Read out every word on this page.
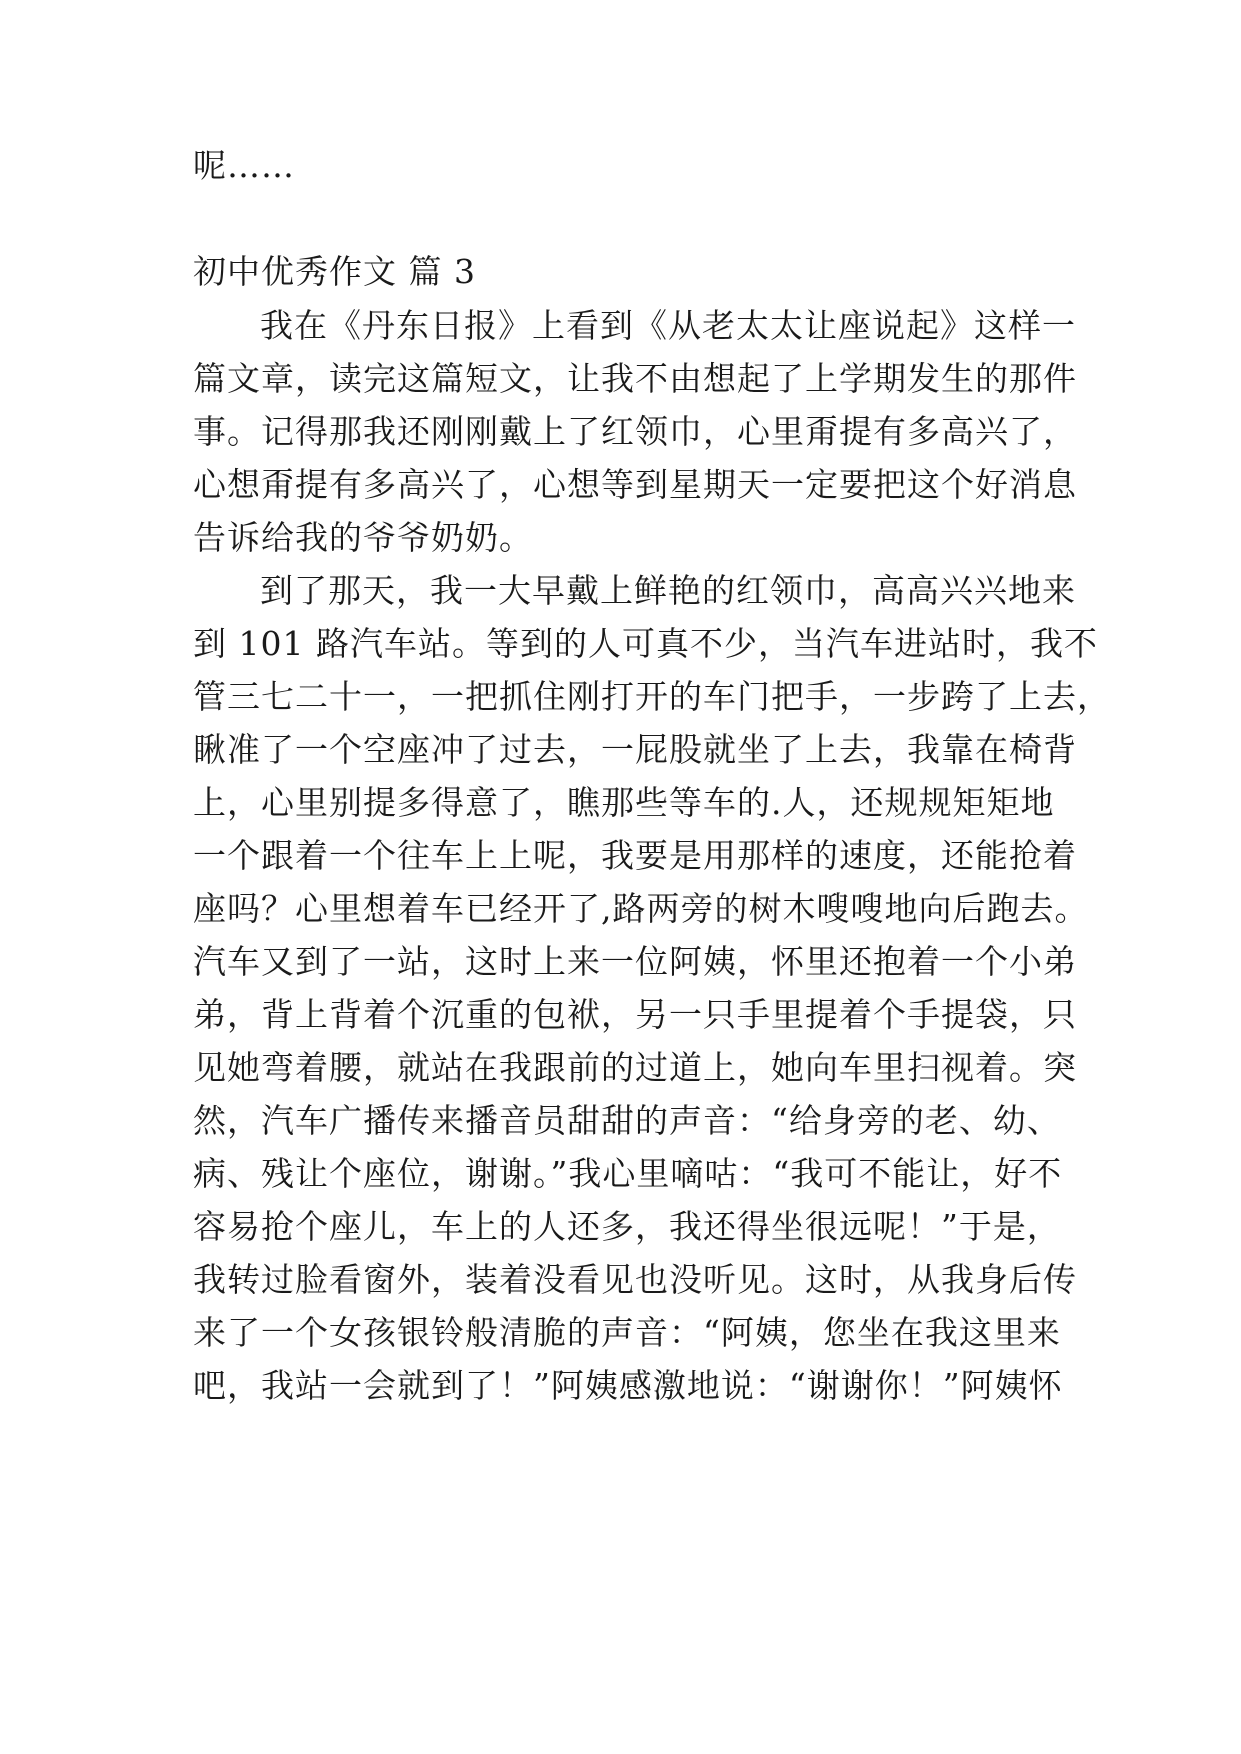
呢……
初中优秀作文 篇 3
我在《丹东日报》上看到《从老太太让座说起》这样一
篇文章，读完这篇短文，让我不由想起了上学期发生的那件
事。记得那我还刚刚戴上了红领巾，心里甭提有多高兴了，
心想甭提有多高兴了，心想等到星期天一定要把这个好消息
告诉给我的爷爷奶奶。
到了那天，我一大早戴上鲜艳的红领巾，高高兴兴地来
到 101 路汽车站。等到的人可真不少，当汽车进站时，我不
管三七二十一，一把抓住刚打开的车门把手，一步跨了上去，
瞅准了一个空座冲了过去，一屁股就坐了上去，我靠在椅背
上，心里别提多得意了，瞧那些等车的.人，还规规矩矩地
一个跟着一个往车上上呢，我要是用那样的速度，还能抢着
座吗？心里想着车已经开了,路两旁的树木嗖嗖地向后跑去。
汽车又到了一站，这时上来一位阿姨，怀里还抱着一个小弟
弟，背上背着个沉重的包袱，另一只手里提着个手提袋，只
见她弯着腰，就站在我跟前的过道上，她向车里扫视着。突
然，汽车广播传来播音员甜甜的声音：“给身旁的老、幼、
病、残让个座位，谢谢。”我心里嘀咕：“我可不能让，好不
容易抢个座儿，车上的人还多，我还得坐很远呢！”于是，
我转过脸看窗外，装着没看见也没听见。这时，从我身后传
来了一个女孩银铃般清脆的声音：“阿姨，您坐在我这里来
吧，我站一会就到了！”阿姨感激地说：“谢谢你！”阿姨怀
